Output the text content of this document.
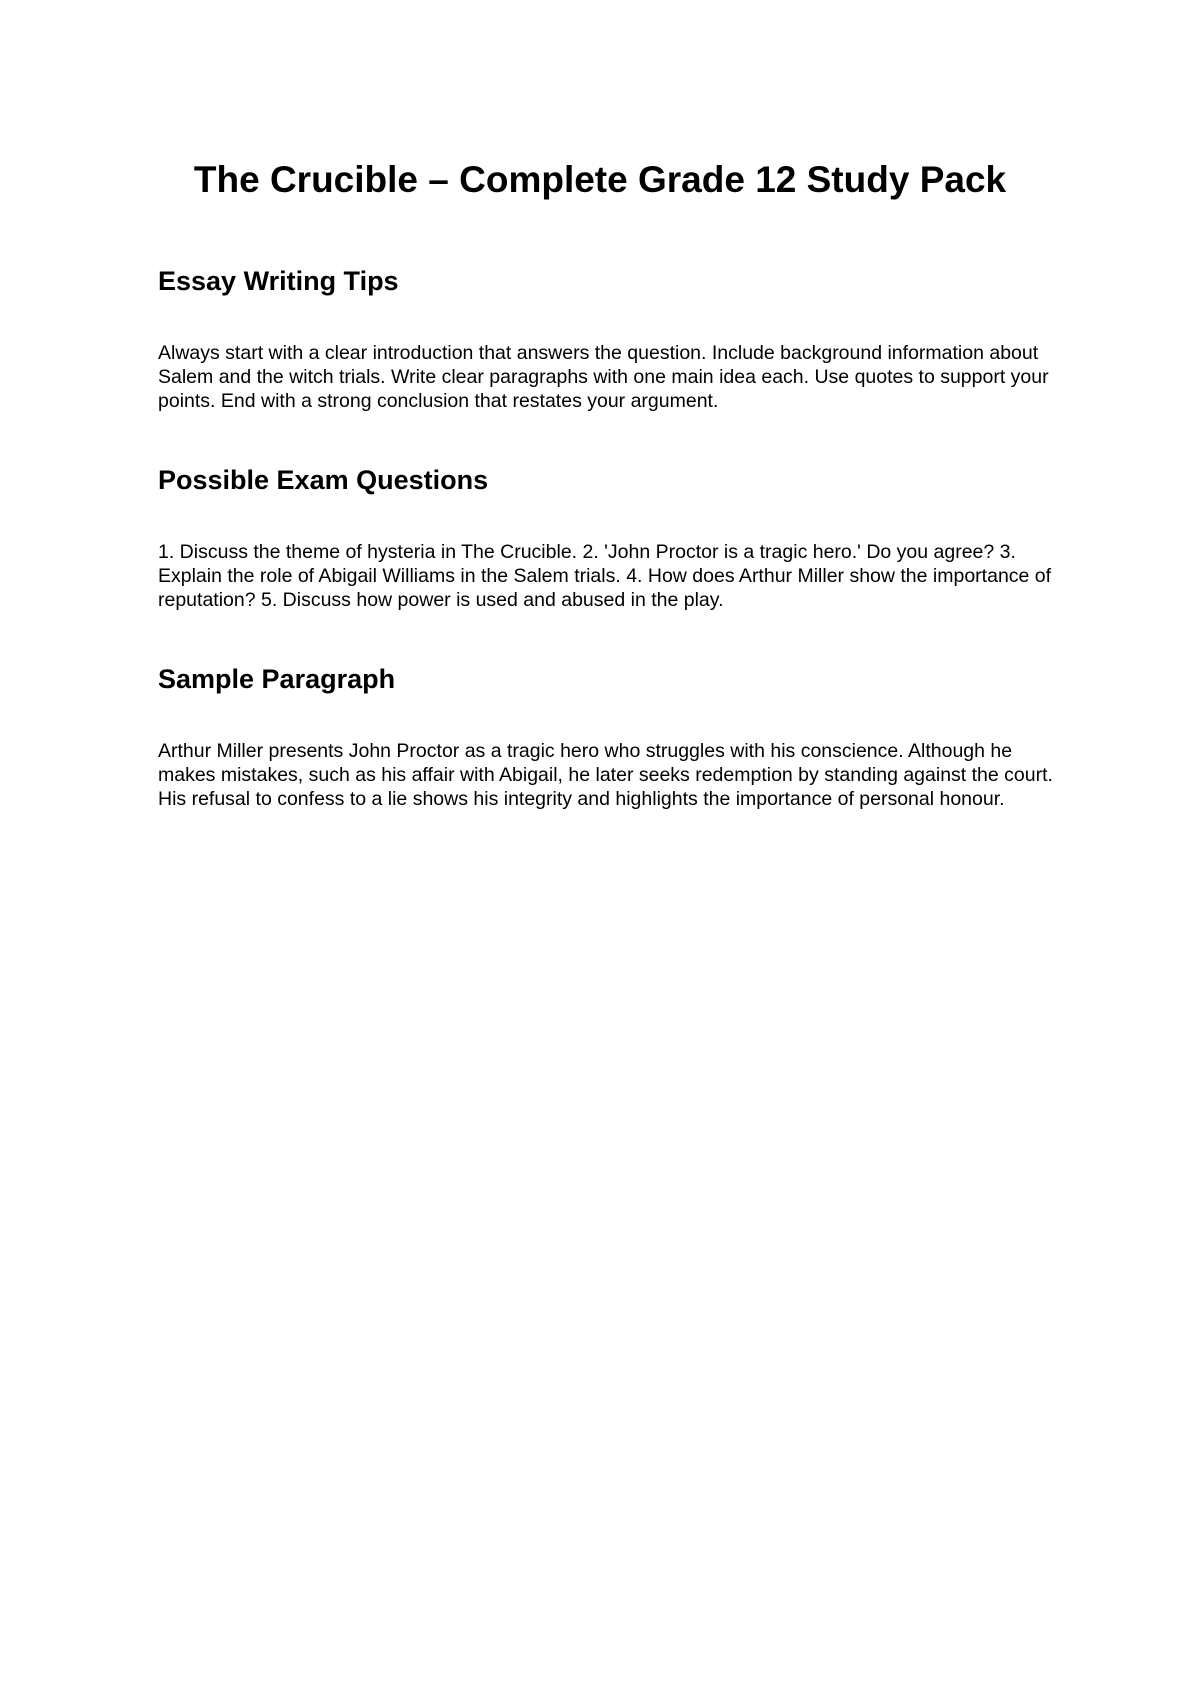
The Crucible – Complete Grade 12 Study Pack
Essay Writing Tips

Always start with a clear introduction that answers the question. Include background information about Salem and the witch trials. Write clear paragraphs with one main idea each. Use quotes to support your points. End with a strong conclusion that restates your argument.

Possible Exam Questions

1. Discuss the theme of hysteria in The Crucible. 2. 'John Proctor is a tragic hero.' Do you agree? 3. Explain the role of Abigail Williams in the Salem trials. 4. How does Arthur Miller show the importance of reputation? 5. Discuss how power is used and abused in the play.

Sample Paragraph

Arthur Miller presents John Proctor as a tragic hero who struggles with his conscience. Although he makes mistakes, such as his affair with Abigail, he later seeks redemption by standing against the court. His refusal to confess to a lie shows his integrity and highlights the importance of personal honour.
